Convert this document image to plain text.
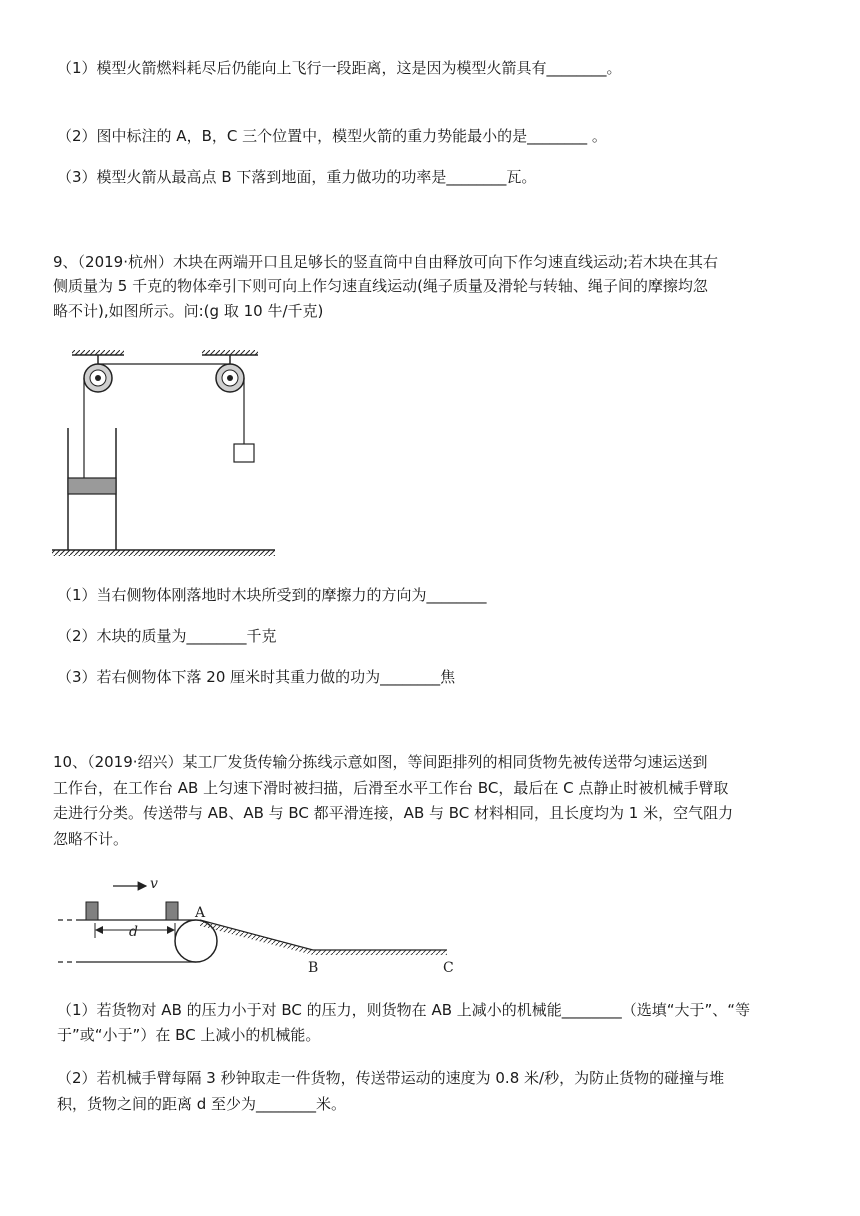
（1）模型火箭燃料耗尽后仍能向上飞行一段距离，这是因为模型火箭具有________。
（2）图中标注的 A，B，C 三个位置中，模型火箭的重力势能最小的是________ 。
（3）模型火箭从最高点 B 下落到地面，重力做功的功率是________瓦。
9、（2019·杭州）木块在两端开口且足够长的竖直筒中自由释放可向下作匀速直线运动;若木块在其右
侧质量为 5 千克的物体牵引下则可向上作匀速直线运动(绳子质量及滑轮与转轴、绳子间的摩擦均忽
略不计),如图所示。问:(g 取 10 牛/千克)
（1）当右侧物体刚落地时木块所受到的摩擦力的方向为________
（2）木块的质量为________千克
（3）若右侧物体下落 20 厘米时其重力做的功为________焦
10、（2019·绍兴）某工厂发货传输分拣线示意如图，等间距排列的相同货物先被传送带匀速运送到
工作台，在工作台 AB 上匀速下滑时被扫描，后滑至水平工作台 BC，最后在 C 点静止时被机械手臂取
走进行分类。传送带与 AB、AB 与 BC 都平滑连接，AB 与 BC 材料相同，且长度均为 1 米，空气阻力
忽略不计。
v
d
A
B	C
（1）若货物对 AB 的压力小于对 BC 的压力，则货物在 AB 上减小的机械能________（选填“大于”、“等
于”或“小于”）在 BC 上减小的机械能。
（2）若机械手臂每隔 3 秒钟取走一件货物，传送带运动的速度为 0.8 米/秒，为防止货物的碰撞与堆
积，货物之间的距离 d 至少为________米。
